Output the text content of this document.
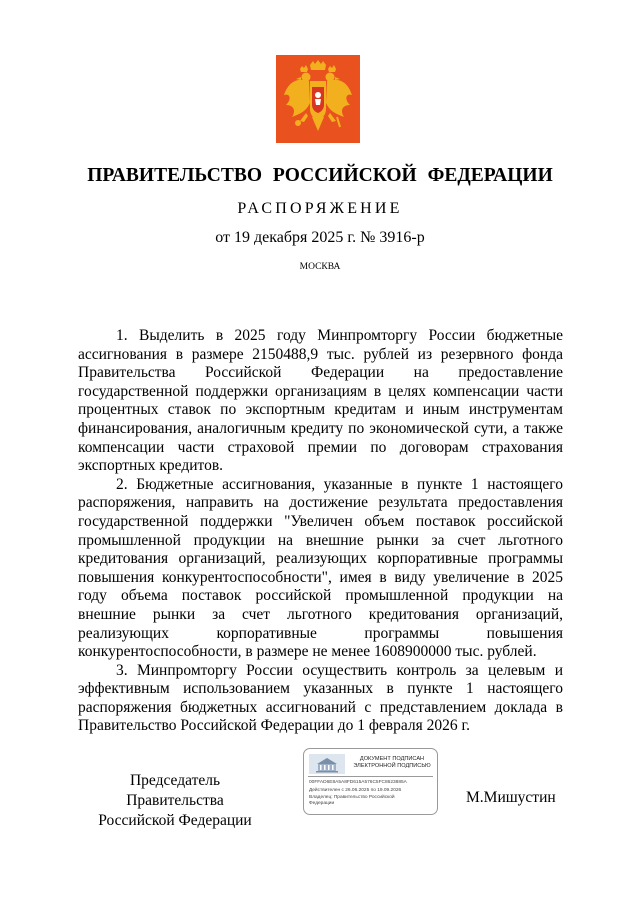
ПРАВИТЕЛЬСТВО РОССИЙСКОЙ ФЕДЕРАЦИИ
РАСПОРЯЖЕНИЕ
от 19 декабря 2025 г. № 3916-р
МОСКВА

1. Выделить в 2025 году Минпромторгу России бюджетные ассигнования в размере 2150488,9 тыс. рублей из резервного фонда Правительства Российской Федерации на предоставление государственной поддержки организациям в целях компенсации части процентных ставок по экспортным кредитам и иным инструментам финансирования, аналогичным кредиту по экономической сути, а также компенсации части страховой премии по договорам страхования экспортных кредитов.

2. Бюджетные ассигнования, указанные в пункте 1 настоящего распоряжения, направить на достижение результата предоставления государственной поддержки "Увеличен объем поставок российской промышленной продукции на внешние рынки за счет льготного кредитования организаций, реализующих корпоративные программы повышения конкурентоспособности", имея в виду увеличение в 2025 году объема поставок российской промышленной продукции на внешние рынки за счет льготного кредитования организаций, реализующих корпоративные программы повышения конкурентоспособности, в размере не менее 1608900000 тыс. рублей.

3. Минпромторгу России осуществить контроль за целевым и эффективным использованием указанных в пункте 1 настоящего распоряжения бюджетных ассигнований с представлением доклада в Правительство Российской Федерации до 1 февраля 2026 г.

Председатель Правительства
Российской Федерации
ДОКУМЕНТ ПОДПИСАН
ЭЛЕКТРОННОЙ ПОДПИСЬЮ
00FFAD6E8A5A8FD615A576C5FC8623885A
Действителен с 26.06.2025 по 19.09.2026
Владелец: Правительство Российской
Федерации	М.Мишустин
